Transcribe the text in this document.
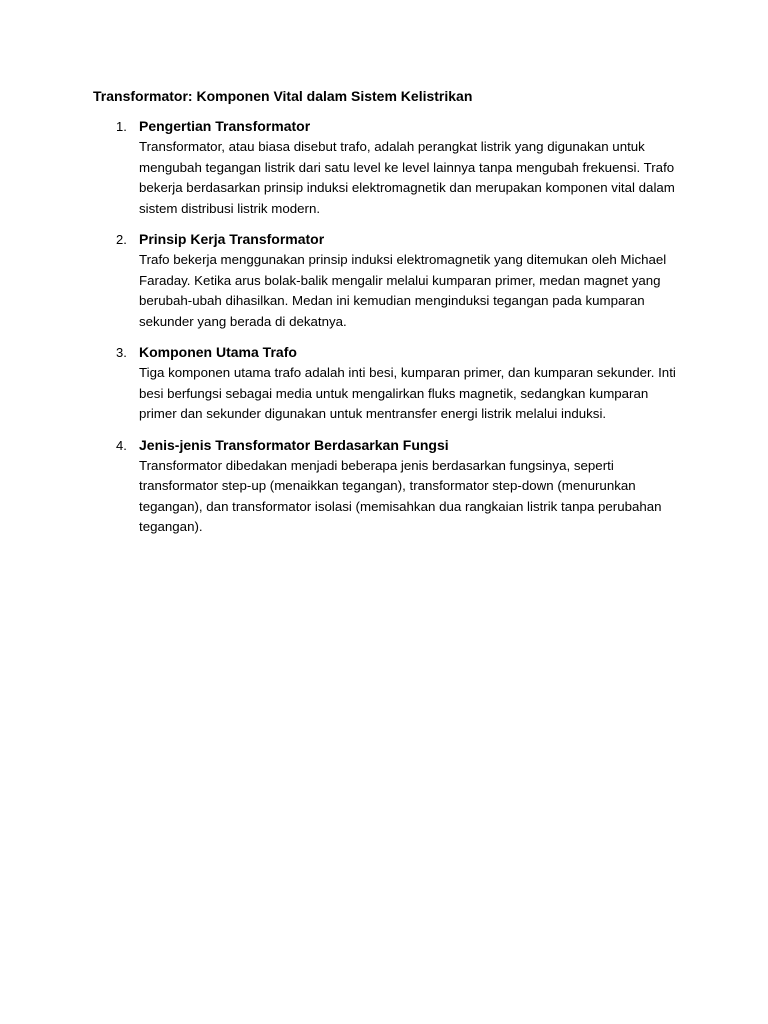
Transformator: Komponen Vital dalam Sistem Kelistrikan
1. Pengertian Transformator

Transformator, atau biasa disebut trafo, adalah perangkat listrik yang digunakan untuk mengubah tegangan listrik dari satu level ke level lainnya tanpa mengubah frekuensi. Trafo bekerja berdasarkan prinsip induksi elektromagnetik dan merupakan komponen vital dalam sistem distribusi listrik modern.

2. Prinsip Kerja Transformator

Trafo bekerja menggunakan prinsip induksi elektromagnetik yang ditemukan oleh Michael Faraday. Ketika arus bolak-balik mengalir melalui kumparan primer, medan magnet yang berubah-ubah dihasilkan. Medan ini kemudian menginduksi tegangan pada kumparan sekunder yang berada di dekatnya.

3. Komponen Utama Trafo

Tiga komponen utama trafo adalah inti besi, kumparan primer, dan kumparan sekunder. Inti besi berfungsi sebagai media untuk mengalirkan fluks magnetik, sedangkan kumparan primer dan sekunder digunakan untuk mentransfer energi listrik melalui induksi.

4. Jenis-jenis Transformator Berdasarkan Fungsi

Transformator dibedakan menjadi beberapa jenis berdasarkan fungsinya, seperti transformator step-up (menaikkan tegangan), transformator step-down (menurunkan tegangan), dan transformator isolasi (memisahkan dua rangkaian listrik tanpa perubahan tegangan).
